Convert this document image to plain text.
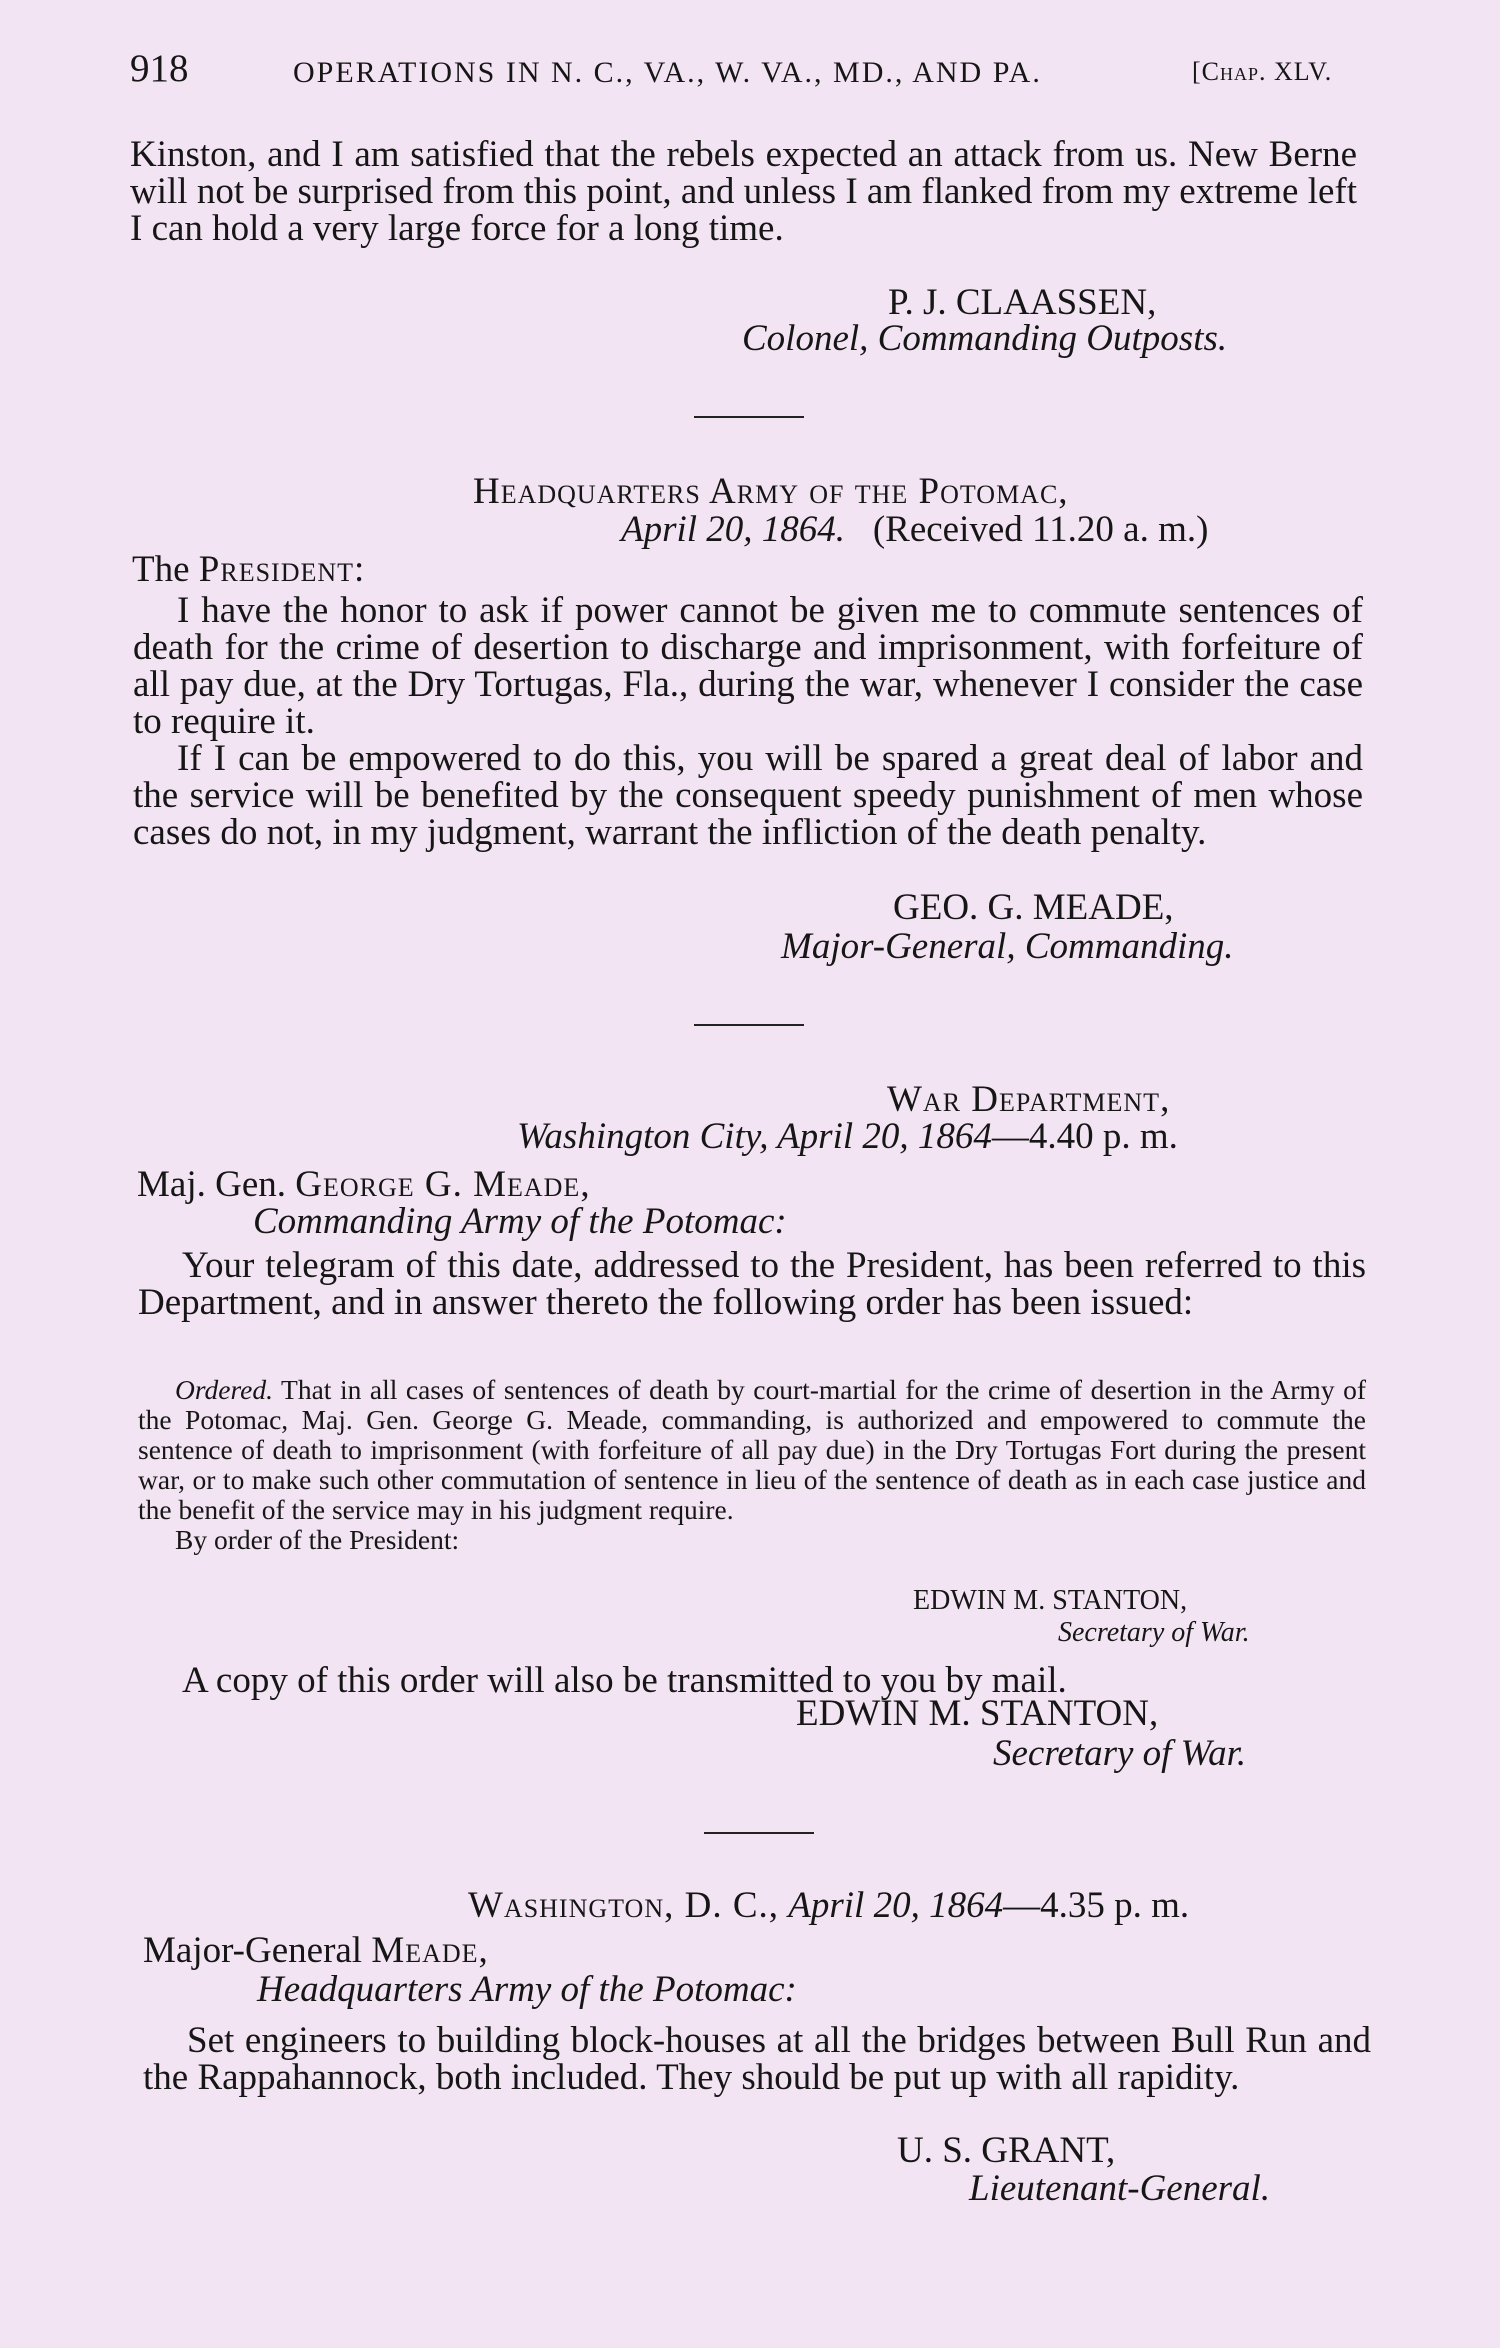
918	OPERATIONS IN N. C., VA., W. VA., MD., AND PA.	[Chap. XLV.

Kinston, and I am satisfied that the rebels expected an attack from us. New Berne will not be surprised from this point, and unless I am flanked from my extreme left I can hold a very large force for a long time.

P. J. CLAASSEN,
Colonel, Commanding Outposts.
Headquarters Army of the Potomac,
April 20, 1864. (Received 11.20 a. m.)
The President:

I have the honor to ask if power cannot be given me to commute sentences of death for the crime of desertion to discharge and imprisonment, with forfeiture of all pay due, at the Dry Tortugas, Fla., during the war, whenever I consider the case to require it.

If I can be empowered to do this, you will be spared a great deal of labor and the service will be benefited by the consequent speedy punishment of men whose cases do not, in my judgment, warrant the infliction of the death penalty.

GEO. G. MEADE,
Major-General, Commanding.
War Department,
Washington City, April 20, 1864—4.40 p. m.
Maj. Gen. George G. Meade,
Commanding Army of the Potomac:

Your telegram of this date, addressed to the President, has been referred to this Department, and in answer thereto the following order has been issued:

Ordered. That in all cases of sentences of death by court-martial for the crime of desertion in the Army of the Potomac, Maj. Gen. George G. Meade, commanding, is authorized and empowered to commute the sentence of death to imprisonment (with forfeiture of all pay due) in the Dry Tortugas Fort during the present war, or to make such other commutation of sentence in lieu of the sentence of death as in each case justice and the benefit of the service may in his judgment require.

By order of the President:

EDWIN M. STANTON,
Secretary of War.

A copy of this order will also be transmitted to you by mail.

EDWIN M. STANTON,
Secretary of War.
Washington, D. C., April 20, 1864—4.35 p. m.
Major-General Meade,
Headquarters Army of the Potomac:

Set engineers to building block-houses at all the bridges between Bull Run and the Rappahannock, both included. They should be put up with all rapidity.

U. S. GRANT,
Lieutenant-General.
